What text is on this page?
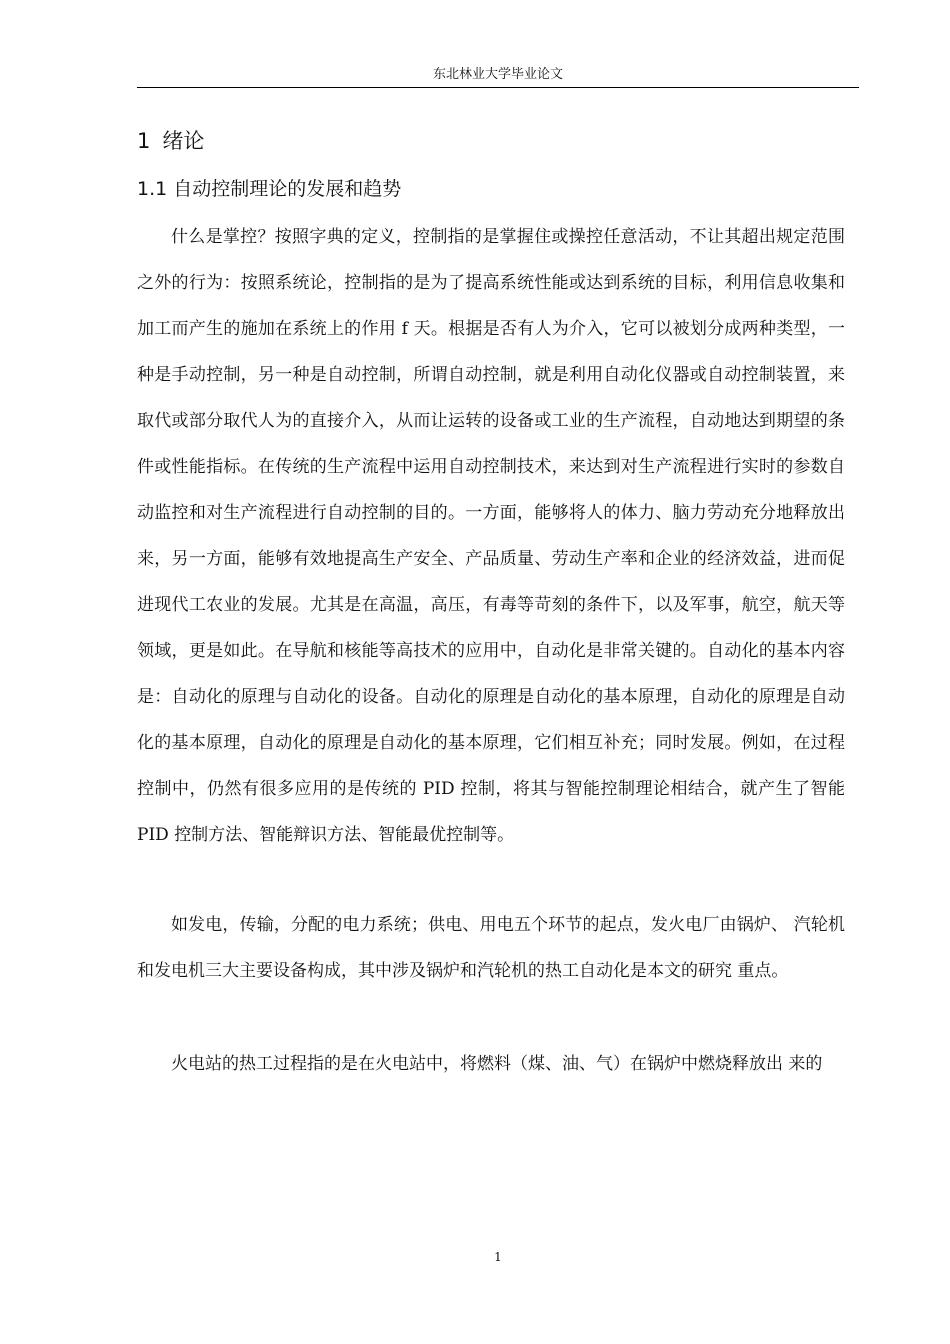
东北林业大学毕业论文
1 绪论
1.1 自动控制理论的发展和趋势

什么是掌控？按照字典的定义，控制指的是掌握住或操控任意活动，不让其超出规定范围之外的行为：按照系统论，控制指的是为了提高系统性能或达到系统的目标，利用信息收集和加工而产生的施加在系统上的作用 f 天。根据是否有人为介入，它可以被划分成两种类型，一种是手动控制，另一种是自动控制，所谓自动控制，就是利用自动化仪器或自动控制装置，来取代或部分取代人为的直接介入，从而让运转的设备或工业的生产流程，自动地达到期望的条件或性能指标。在传统的生产流程中运用自动控制技术，来达到对生产流程进行实时的参数自动监控和对生产流程进行自动控制的目的。一方面，能够将人的体力、脑力劳动充分地释放出来，另一方面，能够有效地提高生产安全、产品质量、劳动生产率和企业的经济效益，进而促进现代工农业的发展。尤其是在高温，高压，有毒等苛刻的条件下，以及军事，航空，航天等领域，更是如此。在导航和核能等高技术的应用中，自动化是非常关键的。自动化的基本内容是：自动化的原理与自动化的设备。自动化的原理是自动化的基本原理，自动化的原理是自动化的基本原理，自动化的原理是自动化的基本原理，它们相互补充；同时发展。例如，在过程控制中，仍然有很多应用的是传统的 PID 控制，将其与智能控制理论相结合，就产生了智能 PID 控制方法、智能辩识方法、智能最优控制等。

如发电，传输，分配的电力系统；供电、用电五个环节的起点，发火电厂由锅炉、 汽轮机和发电机三大主要设备构成，其中涉及锅炉和汽轮机的热工自动化是本文的研究 重点。

火电站的热工过程指的是在火电站中，将燃料（煤、油、气）在锅炉中燃烧释放出 来的

1
